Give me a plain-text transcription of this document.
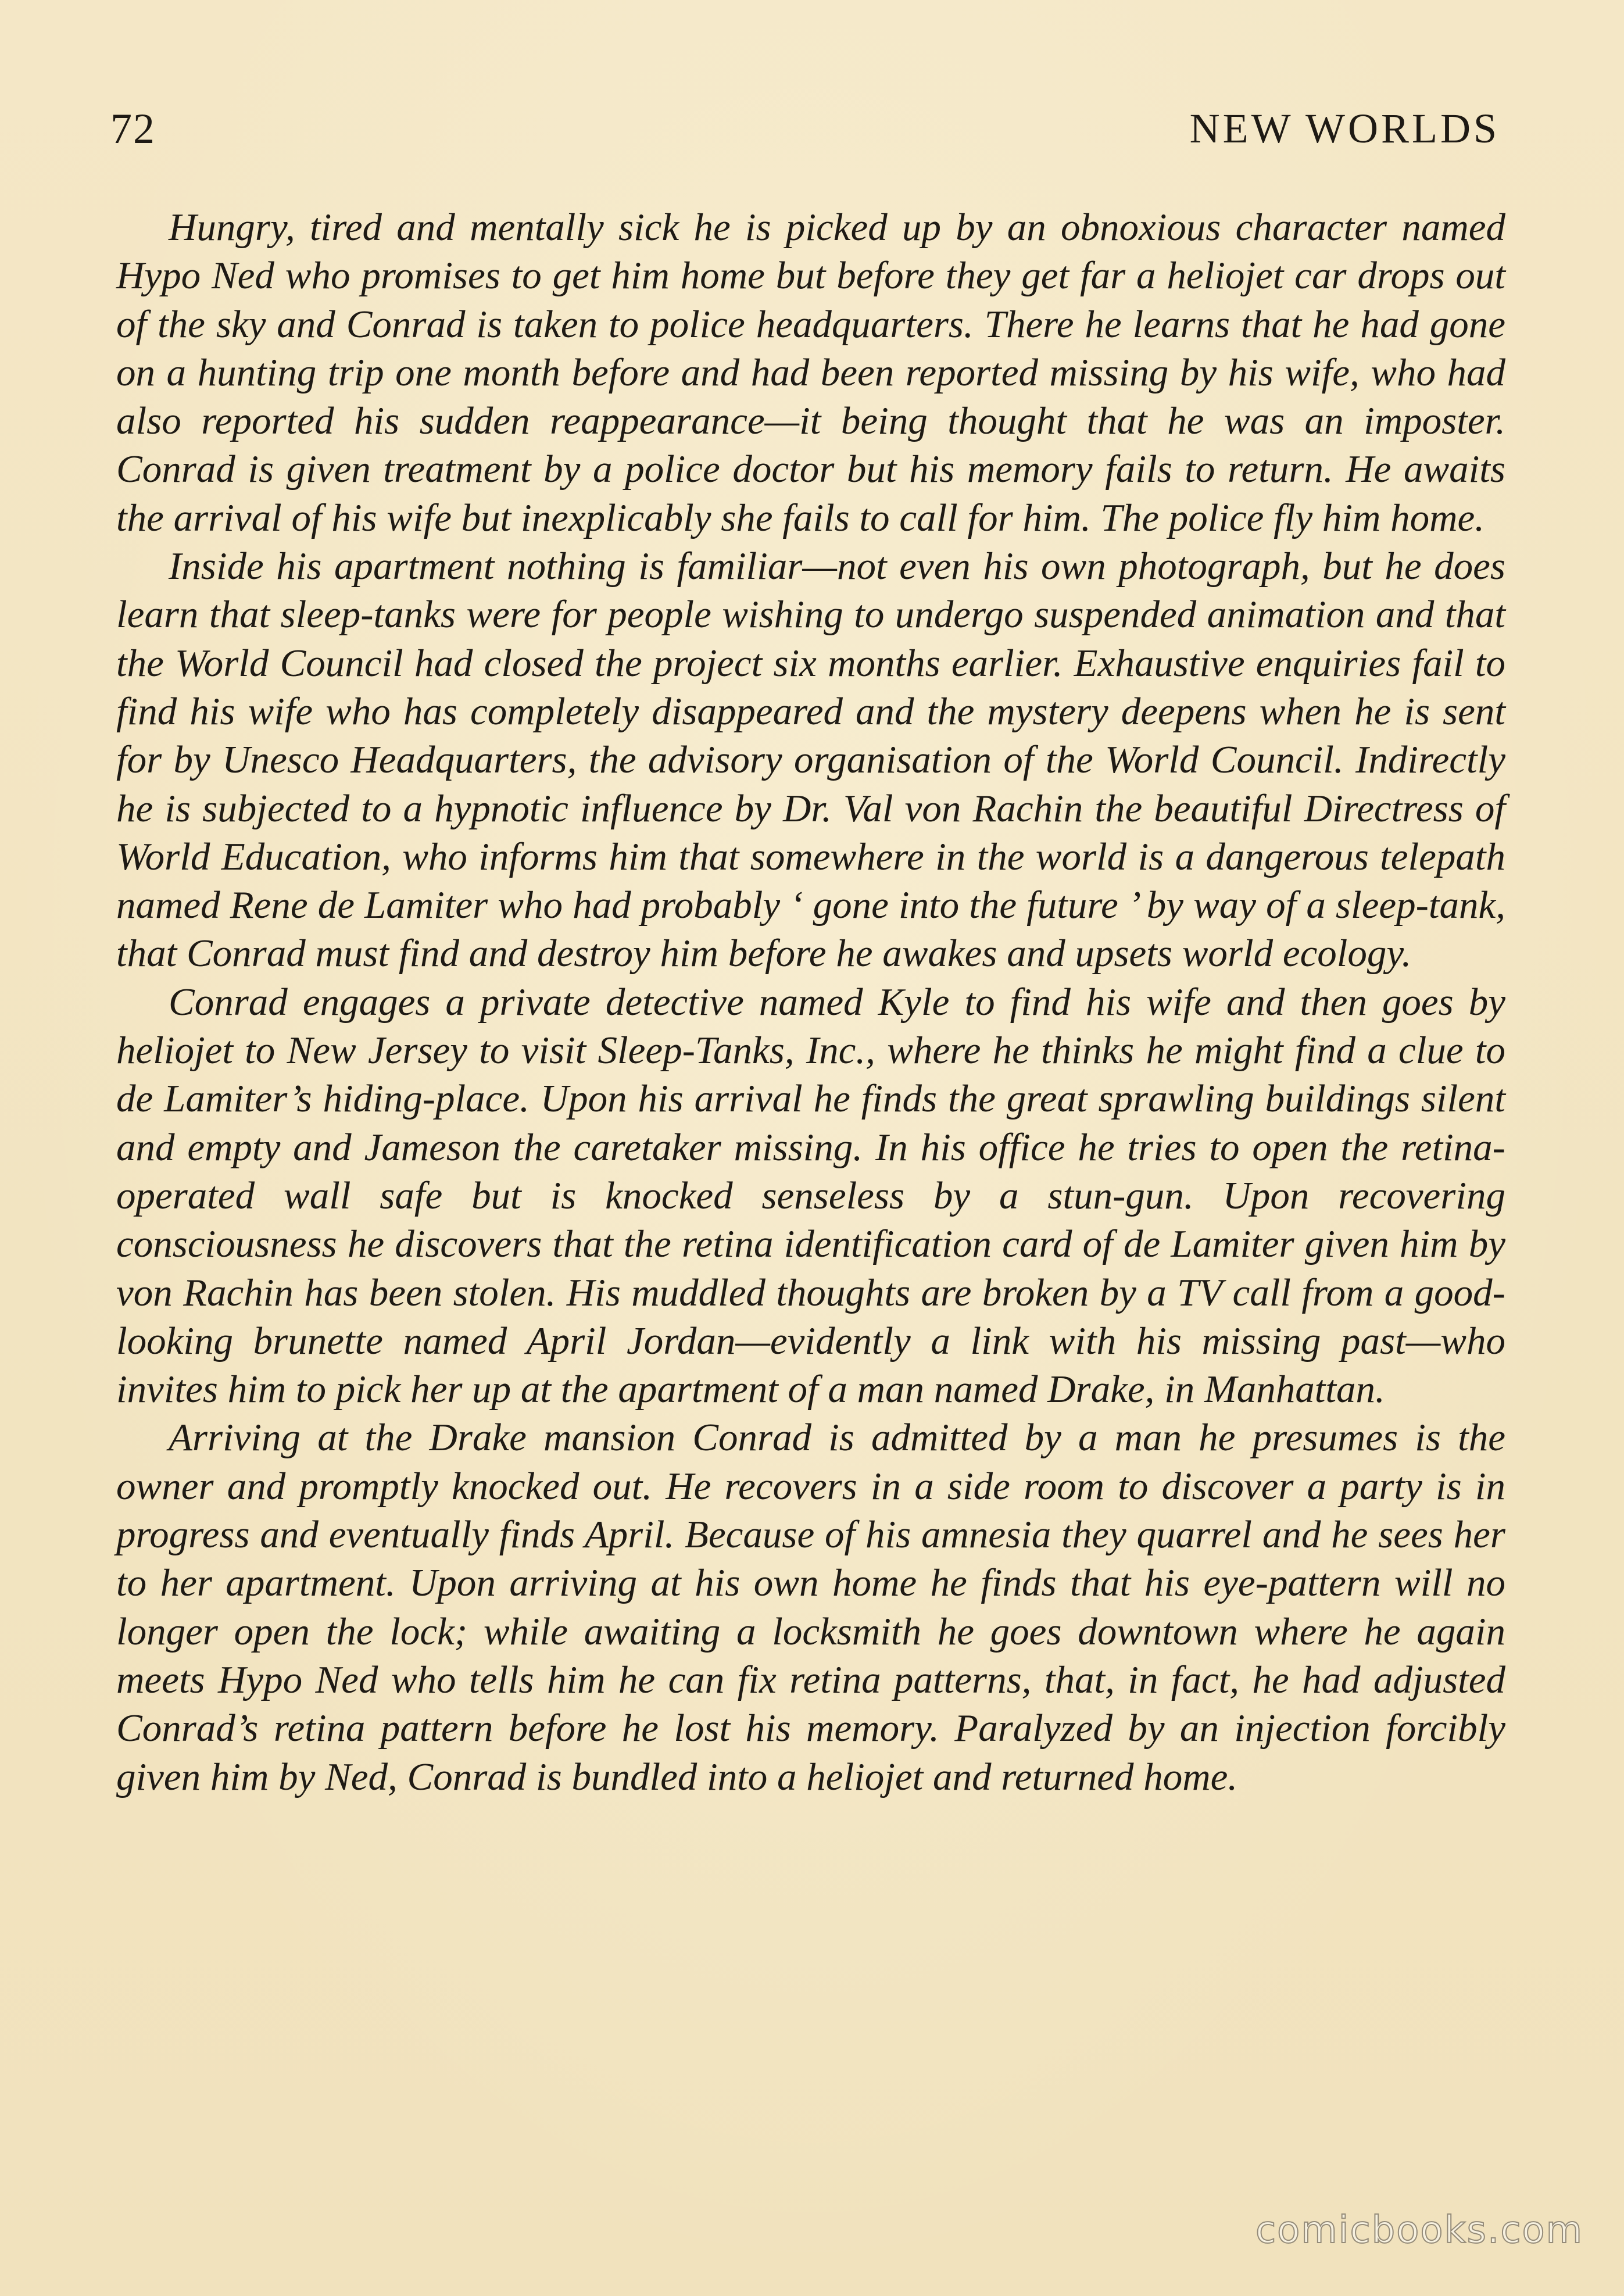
72	NEW WORLDS

Hungry, tired and mentally sick he is picked up by an obnoxious character named Hypo Ned who promises to get him home but before they get far a heliojet car drops out of the sky and Conrad is taken to police headquarters. There he learns that he had gone on a hunting trip one month before and had been reported missing by his wife, who had also reported his sudden reappearance—it being thought that he was an imposter. Conrad is given treatment by a police doctor but his memory fails to return. He awaits the arrival of his wife but inexplicably she fails to call for him. The police fly him home.

Inside his apartment nothing is familiar—not even his own photograph, but he does learn that sleep-tanks were for people wishing to undergo suspended animation and that the World Council had closed the project six months earlier. Exhaustive enquiries fail to find his wife who has completely disappeared and the mystery deepens when he is sent for by Unesco Headquarters, the advisory organisation of the World Council. Indirectly he is subjected to a hypnotic influence by Dr. Val von Rachin the beautiful Directress of World Education, who informs him that somewhere in the world is a dangerous telepath named Rene de Lamiter who had probably ‘ gone into the future ’ by way of a sleep-tank, that Conrad must find and destroy him before he awakes and upsets world ecology.

Conrad engages a private detective named Kyle to find his wife and then goes by heliojet to New Jersey to visit Sleep-Tanks, Inc., where he thinks he might find a clue to de Lamiter’s hiding-place. Upon his arrival he finds the great sprawling buildings silent and empty and Jameson the caretaker missing. In his office he tries to open the retina-operated wall safe but is knocked senseless by a stun-gun. Upon recovering consciousness he discovers that the retina identification card of de Lamiter given him by von Rachin has been stolen. His muddled thoughts are broken by a TV call from a good-looking brunette named April Jordan—evidently a link with his missing past—who invites him to pick her up at the apartment of a man named Drake, in Manhattan.

Arriving at the Drake mansion Conrad is admitted by a man he presumes is the owner and promptly knocked out. He recovers in a side room to discover a party is in progress and eventually finds April. Because of his amnesia they quarrel and he sees her to her apartment. Upon arriving at his own home he finds that his eye-pattern will no longer open the lock; while awaiting a locksmith he goes downtown where he again meets Hypo Ned who tells him he can fix retina patterns, that, in fact, he had adjusted Conrad’s retina pattern before he lost his memory. Paralyzed by an injection forcibly given him by Ned, Conrad is bundled into a heliojet and returned home.

comicbooks.com
